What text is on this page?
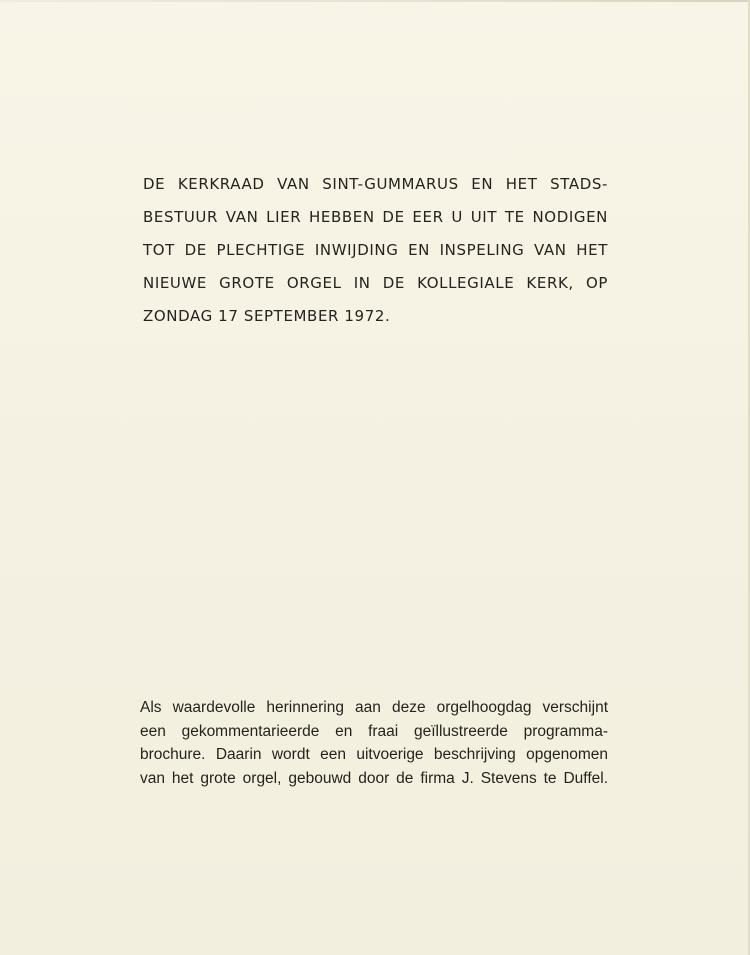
DE KERKRAAD VAN SINT-GUMMARUS EN HET STADS-
BESTUUR VAN LIER HEBBEN DE EER U UIT TE NODIGEN
TOT DE PLECHTIGE INWIJDING EN INSPELING VAN HET
NIEUWE GROTE ORGEL IN DE KOLLEGIALE KERK, OP
ZONDAG 17 SEPTEMBER 1972.
Als waardevolle herinnering aan deze orgelhoogdag verschijnt
een gekommentarieerde en fraai geïllustreerde programma-
brochure. Daarin wordt een uitvoerige beschrijving opgenomen
van het grote orgel, gebouwd door de firma J. Stevens te Duffel.
